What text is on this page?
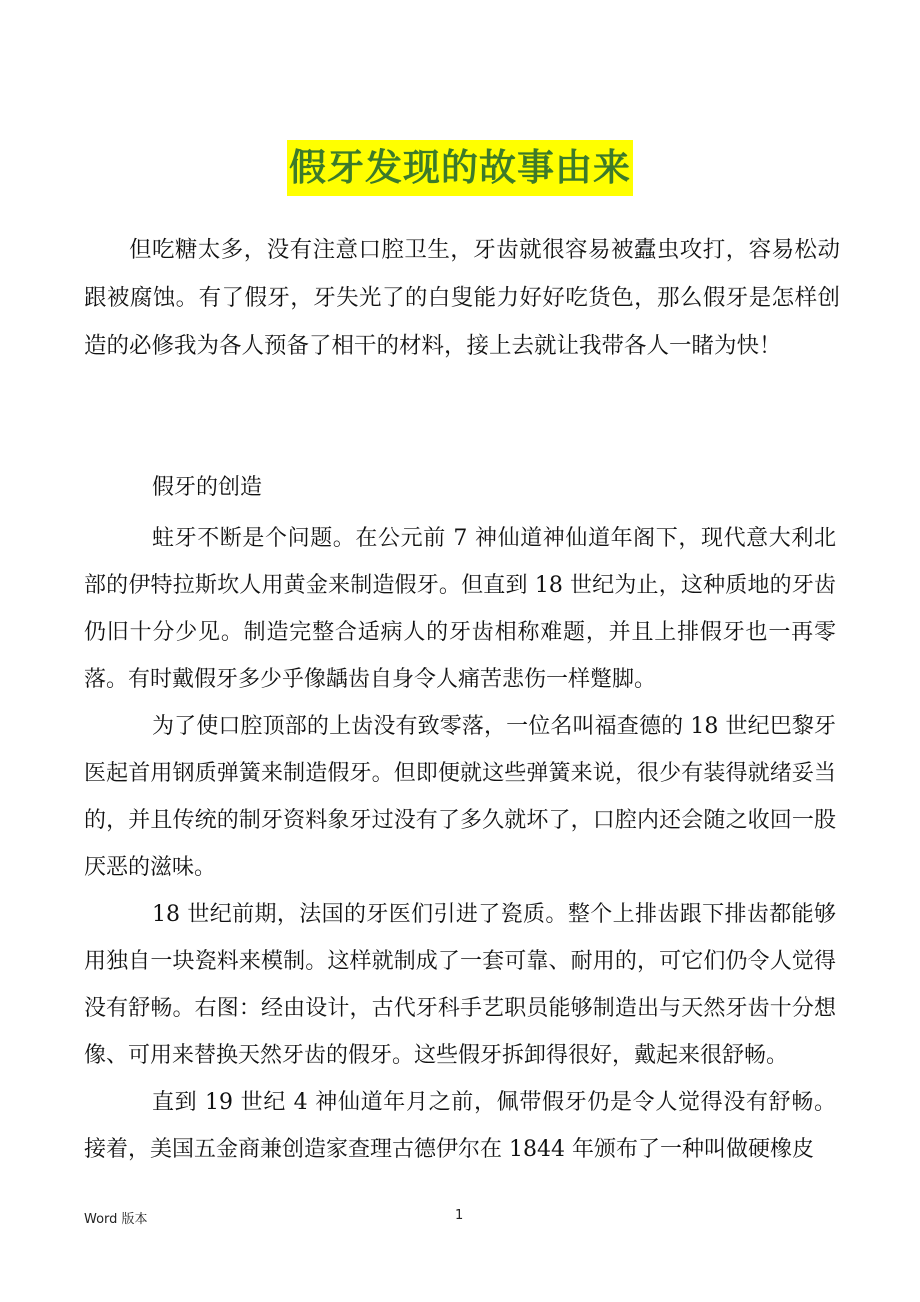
假牙发现的故事由来

但吃糖太多，没有注意口腔卫生，牙齿就很容易被蠹虫攻打，容易松动跟被腐蚀。有了假牙，牙失光了的白叟能力好好吃货色，那么假牙是怎样创造的必修我为各人预备了相干的材料，接上去就让我带各人一睹为快！

假牙的创造

蛀牙不断是个问题。在公元前 7 神仙道神仙道年阁下，现代意大利北部的伊特拉斯坎人用黄金来制造假牙。但直到 18 世纪为止，这种质地的牙齿仍旧十分少见。制造完整合适病人的牙齿相称难题，并且上排假牙也一再零落。有时戴假牙多少乎像龋齿自身令人痛苦悲伤一样蹩脚。

为了使口腔顶部的上齿没有致零落，一位名叫福查德的 18 世纪巴黎牙医起首用钢质弹簧来制造假牙。但即便就这些弹簧来说，很少有装得就绪妥当的，并且传统的制牙资料象牙过没有了多久就坏了，口腔内还会随之收回一股厌恶的滋味。

18 世纪前期，法国的牙医们引进了瓷质。整个上排齿跟下排齿都能够用独自一块瓷料来模制。这样就制成了一套可靠、耐用的，可它们仍令人觉得没有舒畅。右图：经由设计，古代牙科手艺职员能够制造出与天然牙齿十分想像、可用来替换天然牙齿的假牙。这些假牙拆卸得很好，戴起来很舒畅。

直到 19 世纪 4 神仙道年月之前，佩带假牙仍是令人觉得没有舒畅。接着，美国五金商兼创造家查理古德伊尔在 1844 年颁布了一种叫做硬橡皮

Word 版本	1
